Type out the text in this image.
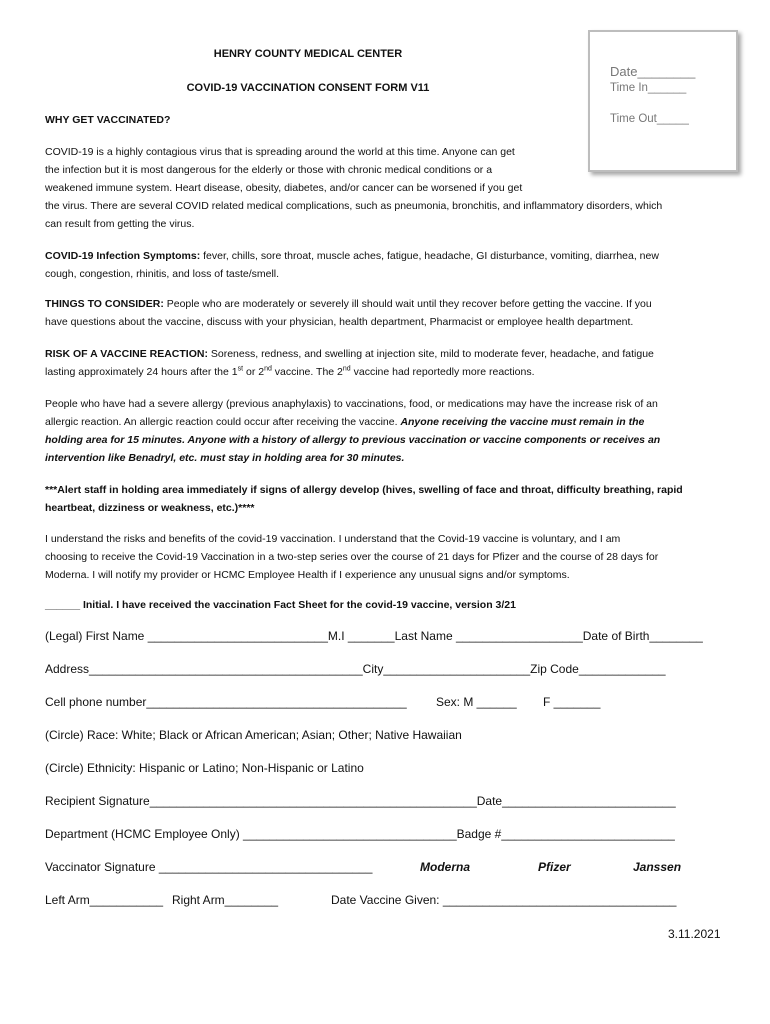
HENRY COUNTY MEDICAL CENTER
COVID-19 VACCINATION CONSENT FORM V11
Date________
Time In______
Time Out_____
WHY GET VACCINATED?
COVID-19 is a highly contagious virus that is spreading around the world at this time. Anyone can get
the infection but it is most dangerous for the elderly or those with chronic medical conditions or a
weakened immune system. Heart disease, obesity, diabetes, and/or cancer can be worsened if you get
the virus. There are several COVID related medical complications, such as pneumonia, bronchitis, and inflammatory disorders, which
can result from getting the virus.
COVID-19 Infection Symptoms: fever, chills, sore throat, muscle aches, fatigue, headache, GI disturbance, vomiting, diarrhea, new
cough, congestion, rhinitis, and loss of taste/smell.
THINGS TO CONSIDER: People who are moderately or severely ill should wait until they recover before getting the vaccine. If you
have questions about the vaccine, discuss with your physician, health department, Pharmacist or employee health department.
RISK OF A VACCINE REACTION: Soreness, redness, and swelling at injection site, mild to moderate fever, headache, and fatigue
lasting approximately 24 hours after the 1st or 2nd vaccine. The 2nd vaccine had reportedly more reactions.
People who have had a severe allergy (previous anaphylaxis) to vaccinations, food, or medications may have the increase risk of an
allergic reaction. An allergic reaction could occur after receiving the vaccine. Anyone receiving the vaccine must remain in the
holding area for 15 minutes. Anyone with a history of allergy to previous vaccination or vaccine components or receives an
intervention like Benadryl, etc. must stay in holding area for 30 minutes.
***Alert staff in holding area immediately if signs of allergy develop (hives, swelling of face and throat, difficulty breathing, rapid
heartbeat, dizziness or weakness, etc.)****
I understand the risks and benefits of the covid-19 vaccination. I understand that the Covid-19 vaccine is voluntary, and I am
choosing to receive the Covid-19 Vaccination in a two-step series over the course of 21 days for Pfizer and the course of 28 days for
Moderna. I will notify my provider or HCMC Employee Health if I experience any unusual signs and/or symptoms.
______ Initial. I have received the vaccination Fact Sheet for the covid-19 vaccine, version 3/21
(Legal) First Name ___________________________M.I _______Last Name ___________________Date of Birth________
Address_________________________________________City______________________Zip Code_____________
Cell phone number_______________________________________ Sex: M ______ F _______
(Circle) Race: White; Black or African American; Asian; Other; Native Hawaiian
(Circle) Ethnicity: Hispanic or Latino; Non-Hispanic or Latino
Recipient Signature_________________________________________________Date__________________________
Department (HCMC Employee Only) ________________________________Badge #__________________________
Vaccinator Signature ________________________________	Moderna	Pfizer	Janssen
Left Arm___________ Right Arm________	Date Vaccine Given: ___________________________________
3.11.2021
